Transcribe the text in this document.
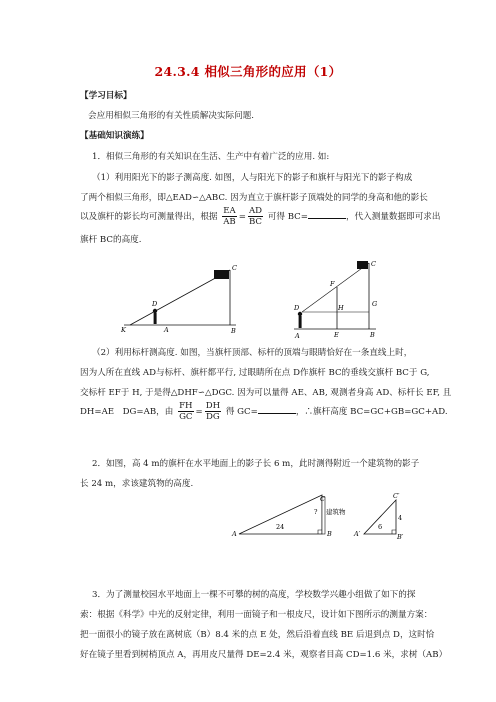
24.3.4 相似三角形的应用（1）
【学习目标】
会应用相似三角形的有关性质解决实际问题.
【基础知识演练】
1．相似三角形的有关知识在生活、生产中有着广泛的应用. 如:
（1）利用阳光下的影子测高度. 如图，人与阳光下的影子和旗杆与阳光下的影子构成
了两个相似三角形，即△EAD∽△ABC. 因为直立于旗杆影子顶端处的同学的身高和他的影长
以及旗杆的影长均可测量得出，根据 $\frac{EA}{AB} = \frac{AD}{BC}$ 可得 BC=	，代入测量数据即可求出
旗杆 BC的高度.
C
D
K	A	B
C
F
G
H
D
A	E	B
（2）利用标杆测高度. 如图，当旗杆顶部、标杆的顶端与眼睛恰好在一条直线上时，
因为人所在直线 AD与标杆、旗杆都平行, 过眼睛所在点 D作旗杆 BC的垂线交旗杆 BC于 G,
交标杆 EF于 H, 于是得△DHF∽△DGC. 因为可以量得 AE、AB, 观测者身高 AD、标杆长 EF, 且
DH=AE　DG=AB，由 $\frac{FH}{GC} = \frac{DH}{DG}$ 得 GC=	，∴旗杆高度 BC=GC+GB=GC+AD.
2．如图，高 4 m的旗杆在水平地面上的影子长 6 m，此时测得附近一个建筑物的影子
长 24 m，求该建筑物的高度.
C
? 建筑物
A
24
B
C′
4
A′
6
B′
3．为了测量校园水平地面上一棵不可攀的树的高度，学校数学兴趣小组做了如下的探
索：根据《科学》中光的反射定律，利用一面镜子和一根皮尺，设计如下图所示的测量方案：
把一面很小的镜子放在离树底（B）8.4 米的点 E 处，然后沿着直线 BE 后退到点 D，这时恰
好在镜子里看到树梢顶点 A，再用皮尺量得 DE=2.4 米，观察者目高 CD=1.6 米，求树（AB）
